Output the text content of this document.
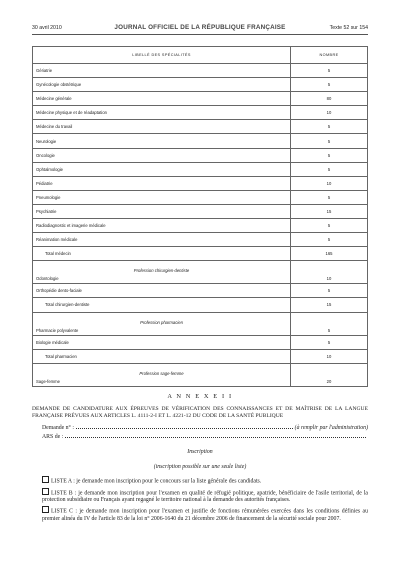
30 avril 2010	JOURNAL OFFICIEL DE LA RÉPUBLIQUE FRANÇAISE	Texte 52 sur 154
LIBELLÉ DES SPÉCIALITÉS	NOMBRE
Gériatrie	5
Gynécologie obstétrique	5
Médecine générale	80
Médecine physique et de réadaptation	10
Médecine du travail	5
Neurologie	5
Oncologie	5
Ophtalmologie	5
Pédiatrie	10
Pneumologie	5
Psychiatrie	15
Radiodiagnostic et imagerie médicale	5
Réanimation médicale	5
Total médecin	165

Profession chirurgien-dentiste
Odontologie	10
Orthopédie dento-faciale	5
Total chirurgien-dentiste	15

Profession pharmacien
Pharmacie polyvalente	5
Biologie médicale	5
Total pharmacien	10

Profession sage-femme
Sage-femme	20
A N N E X E I I
DEMANDE DE CANDIDATURE AUX ÉPREUVES DE VÉRIFICATION DES CONNAISSANCES ET DE MAÎTRISE DE LA LANGUE FRANÇAISE PRÉVUES AUX ARTICLES L. 4111-2-I ET L. 4221-12 DU CODE DE LA SANTÉ PUBLIQUE
Demande n° :	(à remplir par l'administration)
ARS de :
Inscription
(inscription possible sur une seule liste)
LISTE A : je demande mon inscription pour le concours sur la liste générale des candidats.
LISTE B : je demande mon inscription pour l'examen en qualité de réfugié politique, apatride, bénéficiaire de l'asile territorial, de la protection subsidiaire ou Français ayant regagné le territoire national à la demande des autorités françaises.
LISTE C : je demande mon inscription pour l'examen et justifie de fonctions rémunérées exercées dans les conditions définies au premier alinéa du IV de l'article 83 de la loi n° 2006-1640 du 21 décembre 2006 de financement de la sécurité sociale pour 2007.
